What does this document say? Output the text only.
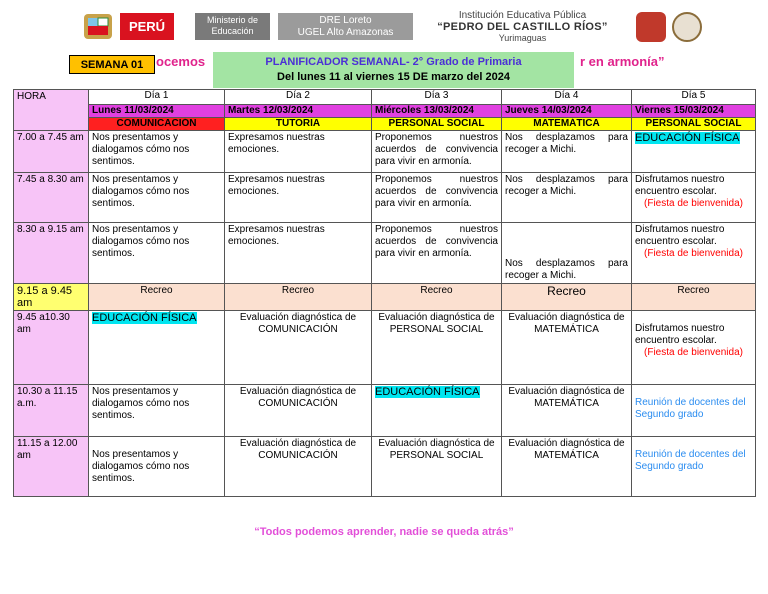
PERÚ	Ministerio de Educación
DRE Loreto
UGEL Alto Amazonas
Institución Educativa Pública
“PEDRO DEL CASTILLO RÍOS”
Yurimaguas
ocemos	r en armonía”
SEMANA 01	PLANIFICADOR SEMANAL- 2° Grado de Primaria
Del lunes 11 al viernes 15 DE marzo del 2024
HORA	Día 1	Día 2	Día 3	Día 4	Día 5
	Lunes 11/03/2024	Martes 12/03/2024	Miércoles 13/03/2024	Jueves 14/03/2024	Viernes 15/03/2024
	COMUNICACIÓN	TUTORIA	PERSONAL SOCIAL	MATEMÁTICA	PERSONAL SOCIAL
7.00 a 7.45 am	Nos presentamos y dialogamos cómo nos sentimos.	Expresamos nuestras emociones.	Proponemos nuestros acuerdos de convivencia para vivir en armonía.	Nos desplazamos para recoger a Michi.	EDUCACIÓN FÍSICA
7.45 a 8.30 am	Nos presentamos y dialogamos cómo nos sentimos.	Expresamos nuestras emociones.	Proponemos nuestros acuerdos de convivencia para vivir en armonía.	Nos desplazamos para recoger a Michi.	Disfrutamos nuestro encuentro escolar.
(Fiesta de bienvenida)

8.30 a 9.15 am	Nos presentamos y dialogamos cómo nos sentimos.	Expresamos nuestras emociones.	Proponemos nuestros acuerdos de convivencia para vivir en armonía.	Nos desplazamos para recoger a Michi.	Disfrutamos nuestro encuentro escolar.
(Fiesta de bienvenida)

9.15 a 9.45 am	Recreo	Recreo	Recreo	Recreo	Recreo
9.45 a10.30 am	EDUCACIÓN FÍSICA	Evaluación diagnóstica de COMUNICACIÓN	Evaluación diagnóstica de PERSONAL SOCIAL	Evaluación diagnóstica de MATEMÁTICA	Disfrutamos nuestro encuentro escolar.
(Fiesta de bienvenida)

10.30 a 11.15 a.m.	Nos presentamos y dialogamos cómo nos sentimos.	Evaluación diagnóstica de COMUNICACIÓN	EDUCACIÓN FÍSICA	Evaluación diagnóstica de MATEMÁTICA	Reunión de docentes del Segundo grado
11.15 a 12.00 am	Nos presentamos y dialogamos cómo nos sentimos.	Evaluación diagnóstica de COMUNICACIÓN	Evaluación diagnóstica de PERSONAL SOCIAL	Evaluación diagnóstica de MATEMÁTICA	Reunión de docentes del Segundo grado
“Todos podemos aprender, nadie se queda atrás”
